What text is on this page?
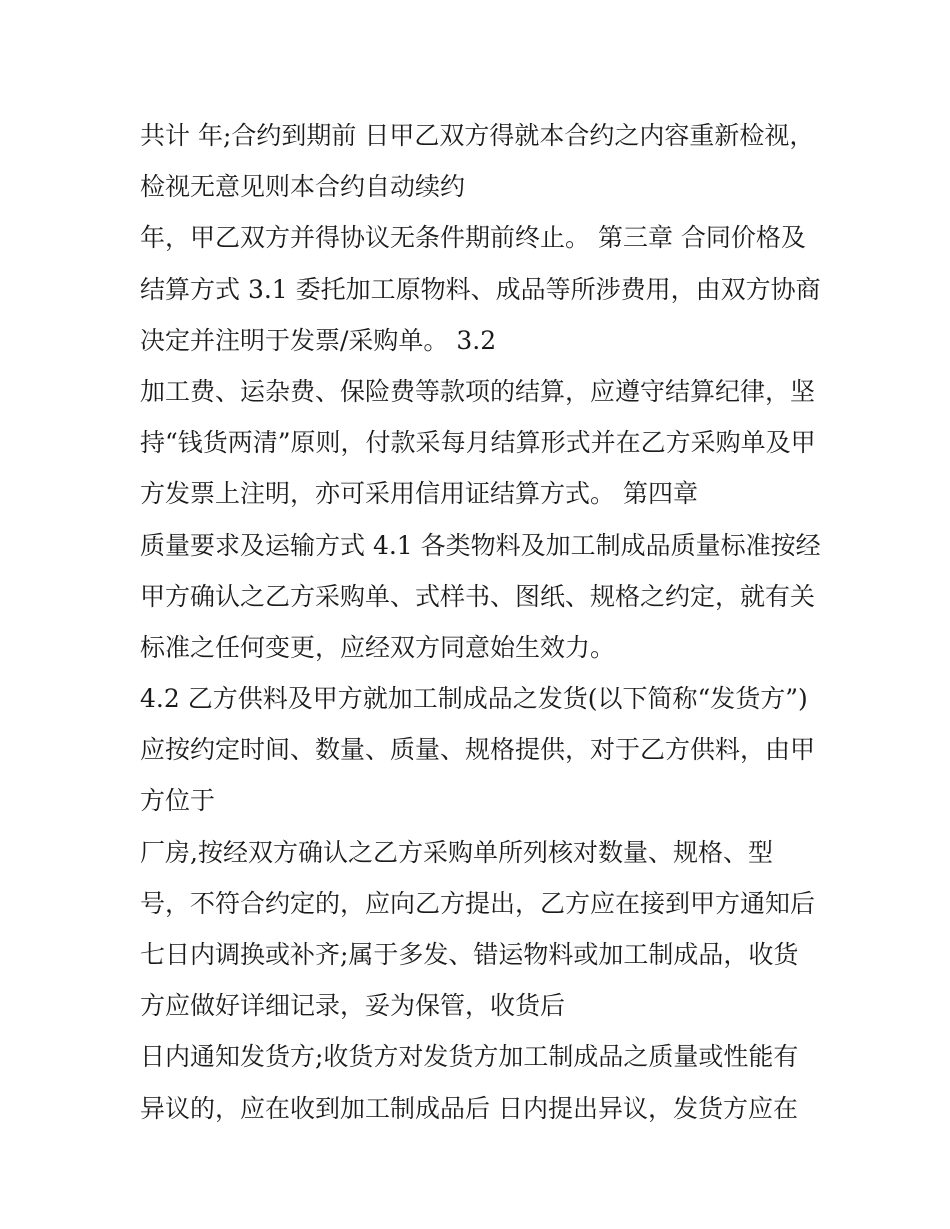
共计 年;合约到期前 日甲乙双方得就本合约之内容重新检视，
检视无意见则本合约自动续约
年，甲乙双方并得协议无条件期前终止。 第三章 合同价格及
结算方式 3.1 委托加工原物料、成品等所涉费用，由双方协商
决定并注明于发票/采购单。 3.2
加工费、运杂费、保险费等款项的结算，应遵守结算纪律，坚
持“钱货两清”原则，付款采每月结算形式并在乙方采购单及甲
方发票上注明，亦可采用信用证结算方式。 第四章
质量要求及运输方式 4.1 各类物料及加工制成品质量标准按经
甲方确认之乙方采购单、式样书、图纸、规格之约定，就有关
标准之任何变更，应经双方同意始生效力。
4.2 乙方供料及甲方就加工制成品之发货(以下简称“发货方”)
应按约定时间、数量、质量、规格提供，对于乙方供料，由甲
方位于
厂房,按经双方确认之乙方采购单所列核对数量、规格、型
号，不符合约定的，应向乙方提出，乙方应在接到甲方通知后
七日内调换或补齐;属于多发、错运物料或加工制成品，收货
方应做好详细记录，妥为保管，收货后
日内通知发货方;收货方对发货方加工制成品之质量或性能有
异议的，应在收到加工制成品后 日内提出异议，发货方应在
